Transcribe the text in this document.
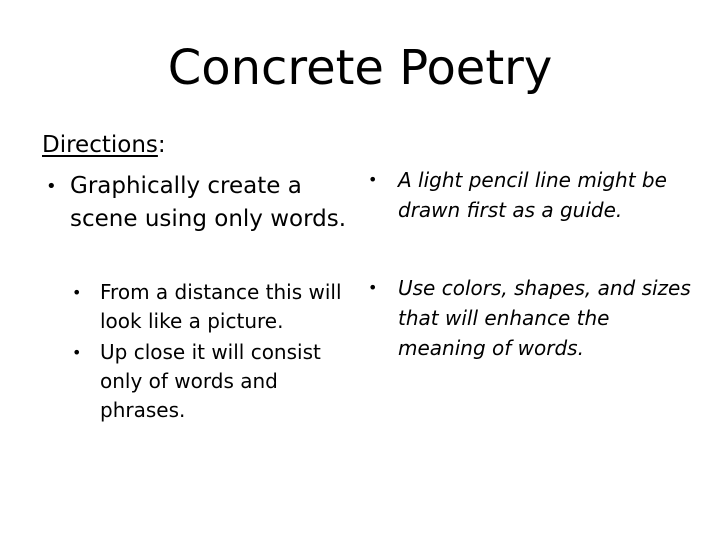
Concrete Poetry

Directions:

• Graphically create a scene using only words.
• From a distance this will look like a picture.
• Up close it will consist only of words and phrases.
• A light pencil line might be drawn first as a guide.
• Use colors, shapes, and sizes that will enhance the meaning of words.
